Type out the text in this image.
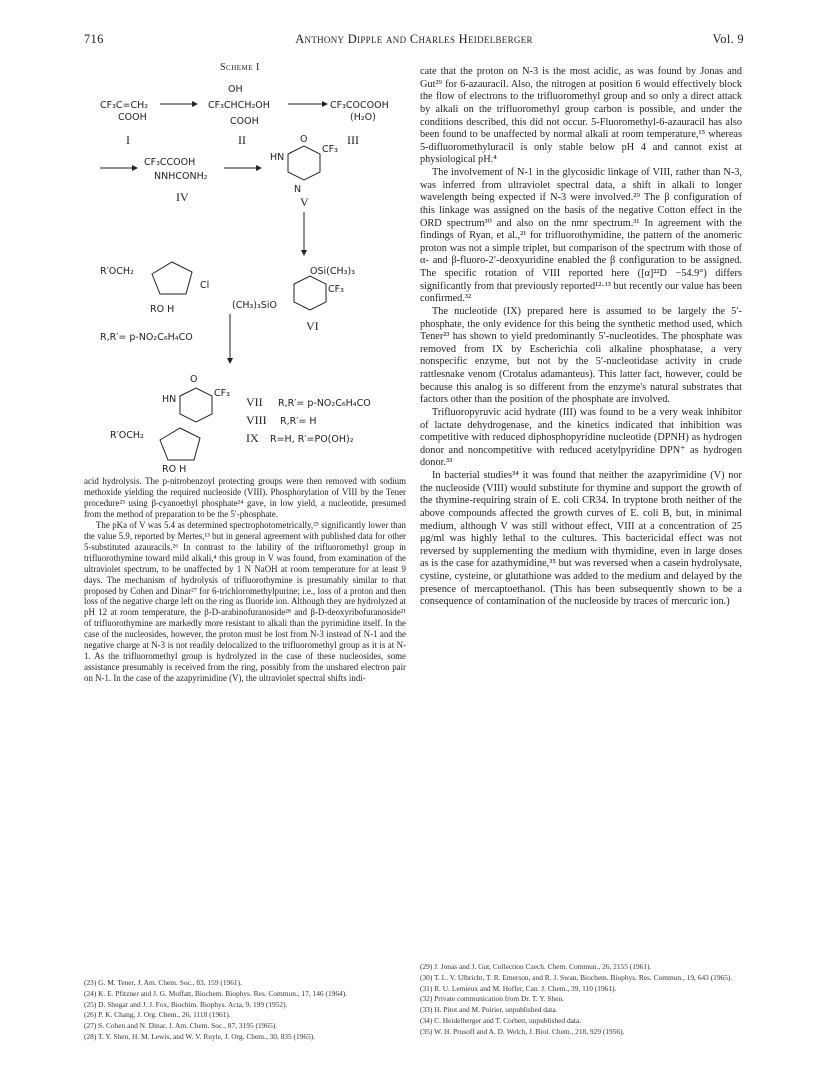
716	Anthony Dipple and Charles Heidelberger	Vol. 9
Scheme I
CF₃C=CH₂
COOH
OH
CF₃CHCH₂OH
COOH
CF₃COCOOH
(H₂O)
I	II	III
CF₃CCOOH
NNHCONH₂
IV
HN
O
CF₃
N
V
R′OCH₂
Cl
RO H
R,R′= p-NO₂C₆H₄CO
OSi(CH₃)₃
CF₃
(CH₃)₃SiO
VI
O
CF₃
HN
R′OCH₂
RO H
VII R,R′= p-NO₂C₆H₄CO
VIII R,R′= H
IX R=H, R′=PO(OH)₂

acid hydrolysis. The p-nitrobenzoyl protecting groups were then removed with sodium methoxide yielding the required nucleoside (VIII). Phosphorylation of VIII by the Tener procedure²³ using β-cyanoethyl phosphate²⁴ gave, in low yield, a nucleotide, presumed from the method of preparation to be the 5′-phosphate.

The pKa of V was 5.4 as determined spectrophotometrically,²⁵ significantly lower than the value 5.9, reported by Mertes,¹³ but in general agreement with published data for other 5-substituted azauracils.²⁶ In contrast to the lability of the trifluoromethyl group in trifluorothymine toward mild alkali,⁴ this group in V was found, from examination of the ultraviolet spectrum, to be unaffected by 1 N NaOH at room temperature for at least 9 days. The mechanism of hydrolysis of trifluorothymine is presumably similar to that proposed by Cohen and Dinar²⁷ for 6-trichloromethylpurine; i.e., loss of a proton and then loss of the negative charge left on the ring as fluoride ion. Although they are hydrolyzed at pH 12 at room temperature, the β-D-arabinofuranoside²⁸ and β-D-deoxyribofuranoside²¹ of trifluorothymine are markedly more resistant to alkali than the pyrimidine itself. In the case of the nucleosides, however, the proton must be lost from N-3 instead of N-1 and the negative charge at N-3 is not readily delocalized to the trifluoromethyl group as it is at N-1. As the trifluoromethyl group is hydrolyzed in the case of these nucleosides, some assistance presumably is received from the ring, possibly from the unshared electron pair on N-1. In the case of the azapyrimidine (V), the ultraviolet spectral shifts indi-

cate that the proton on N-3 is the most acidic, as was found by Jonas and Gut²⁹ for 6-azauracil. Also, the nitrogen at position 6 would effectively block the flow of electrons to the trifluoromethyl group and so only a direct attack by alkali on the trifluoromethyl group carbon is possible, and under the conditions described, this did not occur. 5-Fluoromethyl-6-azauracil has also been found to be unaffected by normal alkali at room temperature,¹⁵ whereas 5-difluoromethyluracil is only stable below pH 4 and cannot exist at physiological pH.⁴

The involvement of N-1 in the glycosidic linkage of VIII, rather than N-3, was inferred from ultraviolet spectral data, a shift in alkali to longer wavelength being expected if N-3 were involved.²⁹ The β configuration of this linkage was assigned on the basis of the negative Cotton effect in the ORD spectrum³⁰ and also on the nmr spectrum.³¹ In agreement with the findings of Ryan, et al.,²¹ for trifluorothymidine, the pattern of the anomeric proton was not a simple triplet, but comparison of the spectrum with those of α- and β-fluoro-2′-deoxyuridine enabled the β configuration to be assigned. The specific rotation of VIII reported here ([α]²²D −54.9°) differs significantly from that previously reported¹²·¹³ but recently our value has been confirmed.³²

The nucleotide (IX) prepared here is assumed to be largely the 5′-phosphate, the only evidence for this being the synthetic method used, which Tener²³ has shown to yield predominantly 5′-nucleotides. The phosphate was removed from IX by Escherichia coli alkaline phosphatase, a very nonspecific enzyme, but not by the 5′-nucleotidase activity in crude rattlesnake venom (Crotalus adamanteus). This latter fact, however, could be because this analog is so different from the enzyme's natural substrates that factors other than the position of the phosphate are involved.

Trifluoropyruvic acid hydrate (III) was found to be a very weak inhibitor of lactate dehydrogenase, and the kinetics indicated that inhibition was competitive with reduced diphosphopyridine nucleotide (DPNH) as hydrogen donor and noncompetitive with reduced acetylpyridine DPN⁺ as hydrogen donor.³³

In bacterial studies³⁴ it was found that neither the azapyrimidine (V) nor the nucleoside (VIII) would substitute for thymine and support the growth of the thymine-requiring strain of E. coli CR34. In tryptone broth neither of the above compounds affected the growth curves of E. coli B, but, in minimal medium, although V was still without effect, VIII at a concentration of 25 μg/ml was highly lethal to the cultures. This bactericidal effect was not reversed by supplementing the medium with thymidine, even in large doses as is the case for azathymidine,³⁵ but was reversed when a casein hydrolysate, cystine, cysteine, or glutathione was added to the medium and delayed by the presence of mercaptoethanol. (This has been subsequently shown to be a consequence of contamination of the nucleoside by traces of mercuric ion.)

(23) G. M. Tener, J. Am. Chem. Soc., 83, 159 (1961).
(24) K. E. Pfitzner and J. G. Moffatt, Biochem. Biophys. Res. Commun., 17, 146 (1964).
(25) D. Shugar and J. J. Fox, Biochim. Biophys. Acta, 9, 199 (1952).
(26) P. K. Chang, J. Org. Chem., 26, 1118 (1961).
(27) S. Cohen and N. Dinar, J. Am. Chem. Soc., 87, 3195 (1965).
(28) T. Y. Shen, H. M. Lewis, and W. V. Ruyle, J. Org. Chem., 30, 835 (1965).
(29) J. Jonas and J. Gut, Collection Czech. Chem. Commun., 26, 2155 (1961).
(30) T. L. V. Ulbricht, T. R. Emerson, and R. J. Swan, Biochem. Biophys. Res. Commun., 19, 643 (1965).
(31) R. U. Lemieux and M. Hoffer, Can. J. Chem., 39, 110 (1961).
(32) Private communication from Dr. T. Y. Shen.
(33) H. Pitot and M. Poirier, unpublished data.
(34) C. Heidelberger and T. Corbett, unpublished data.
(35) W. H. Prusoff and A. D. Welch, J. Biol. Chem., 218, 929 (1956).
